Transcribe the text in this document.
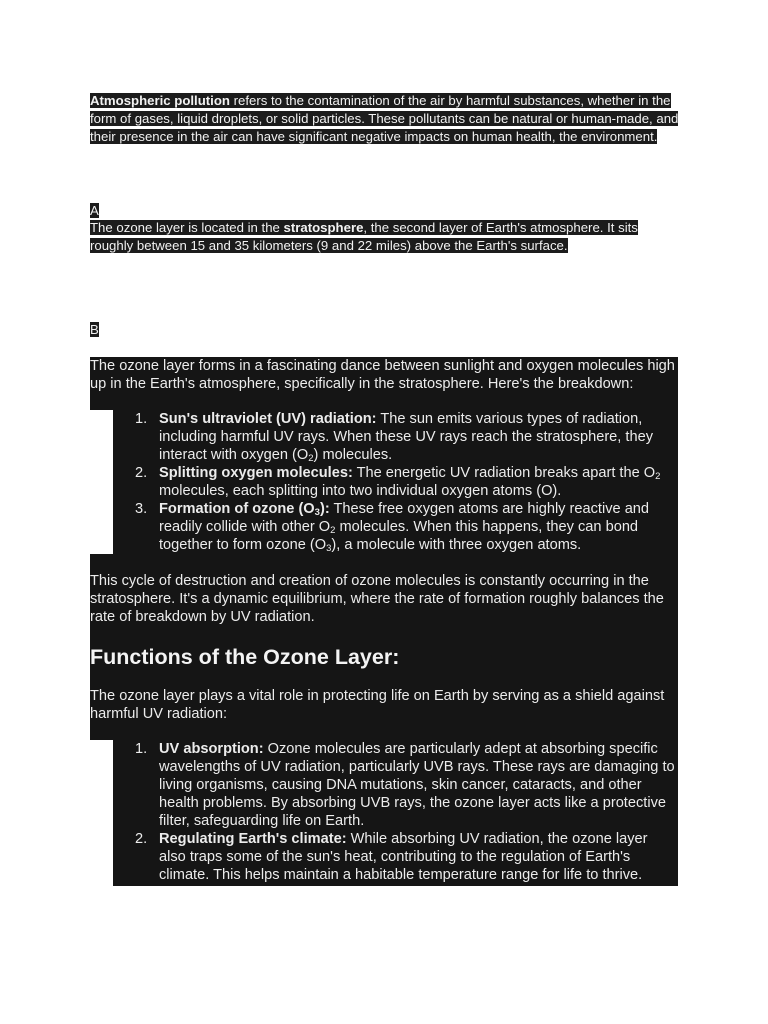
Atmospheric pollution refers to the contamination of the air by harmful substances, whether in the form of gases, liquid droplets, or solid particles. These pollutants can be natural or human-made, and their presence in the air can have significant negative impacts on human health, the environment.
A
The ozone layer is located in the stratosphere, the second layer of Earth's atmosphere. It sits roughly between 15 and 35 kilometers (9 and 22 miles) above the Earth's surface.
B

The ozone layer forms in a fascinating dance between sunlight and oxygen molecules high up in the Earth's atmosphere, specifically in the stratosphere. Here's the breakdown:

1. Sun's ultraviolet (UV) radiation: The sun emits various types of radiation, including harmful UV rays. When these UV rays reach the stratosphere, they interact with oxygen $(O_2)$ molecules.
2. Splitting oxygen molecules: The energetic UV radiation breaks apart the $O_2$ molecules, each splitting into two individual oxygen atoms (O).
3. Formation of ozone $(O_3)$: These free oxygen atoms are highly reactive and readily collide with other $O_2$ molecules. When this happens, they can bond together to form ozone $(O_3)$, a molecule with three oxygen atoms.

This cycle of destruction and creation of ozone molecules is constantly occurring in the stratosphere. It's a dynamic equilibrium, where the rate of formation roughly balances the rate of breakdown by UV radiation.

Functions of the Ozone Layer:

The ozone layer plays a vital role in protecting life on Earth by serving as a shield against harmful UV radiation:

1. UV absorption: Ozone molecules are particularly adept at absorbing specific wavelengths of UV radiation, particularly UVB rays. These rays are damaging to living organisms, causing DNA mutations, skin cancer, cataracts, and other health problems. By absorbing UVB rays, the ozone layer acts like a protective filter, safeguarding life on Earth.
2. Regulating Earth's climate: While absorbing UV radiation, the ozone layer also traps some of the sun's heat, contributing to the regulation of Earth's climate. This helps maintain a habitable temperature range for life to thrive.
